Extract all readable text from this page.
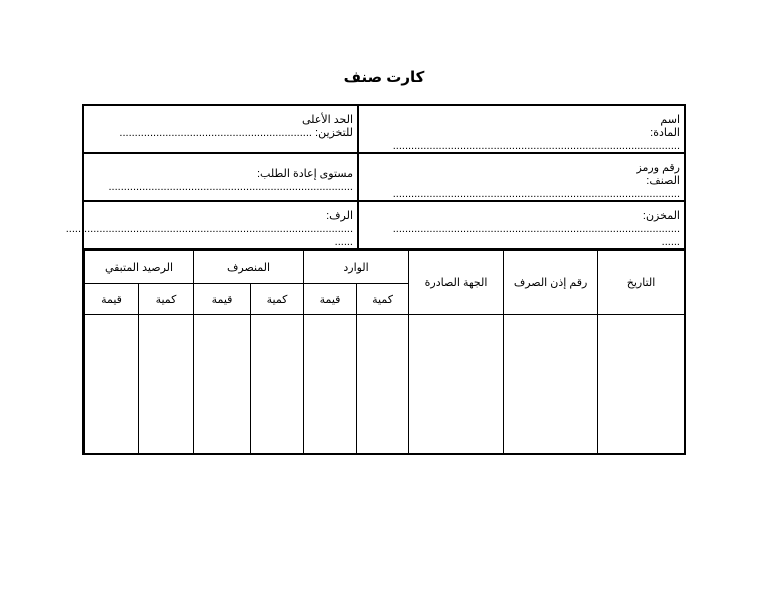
كارت صنف
اسم
المادة: ..............................................................................................
الحد الأعلى
للتخزين: ...............................................................
رقم ورمز
الصنف: ..............................................................................................
مستوى إعادة الطلب: ................................................................................
المخزن: ..............................................................................................
......
الرف: ..............................................................................................
......
التاريخ	رقم إذن الصرف	الجهة الصادرة	الوارد		المنصرف		الرصيد المتبقي	
			كمية	قيمة	كمية	قيمة	كمية	قيمة
